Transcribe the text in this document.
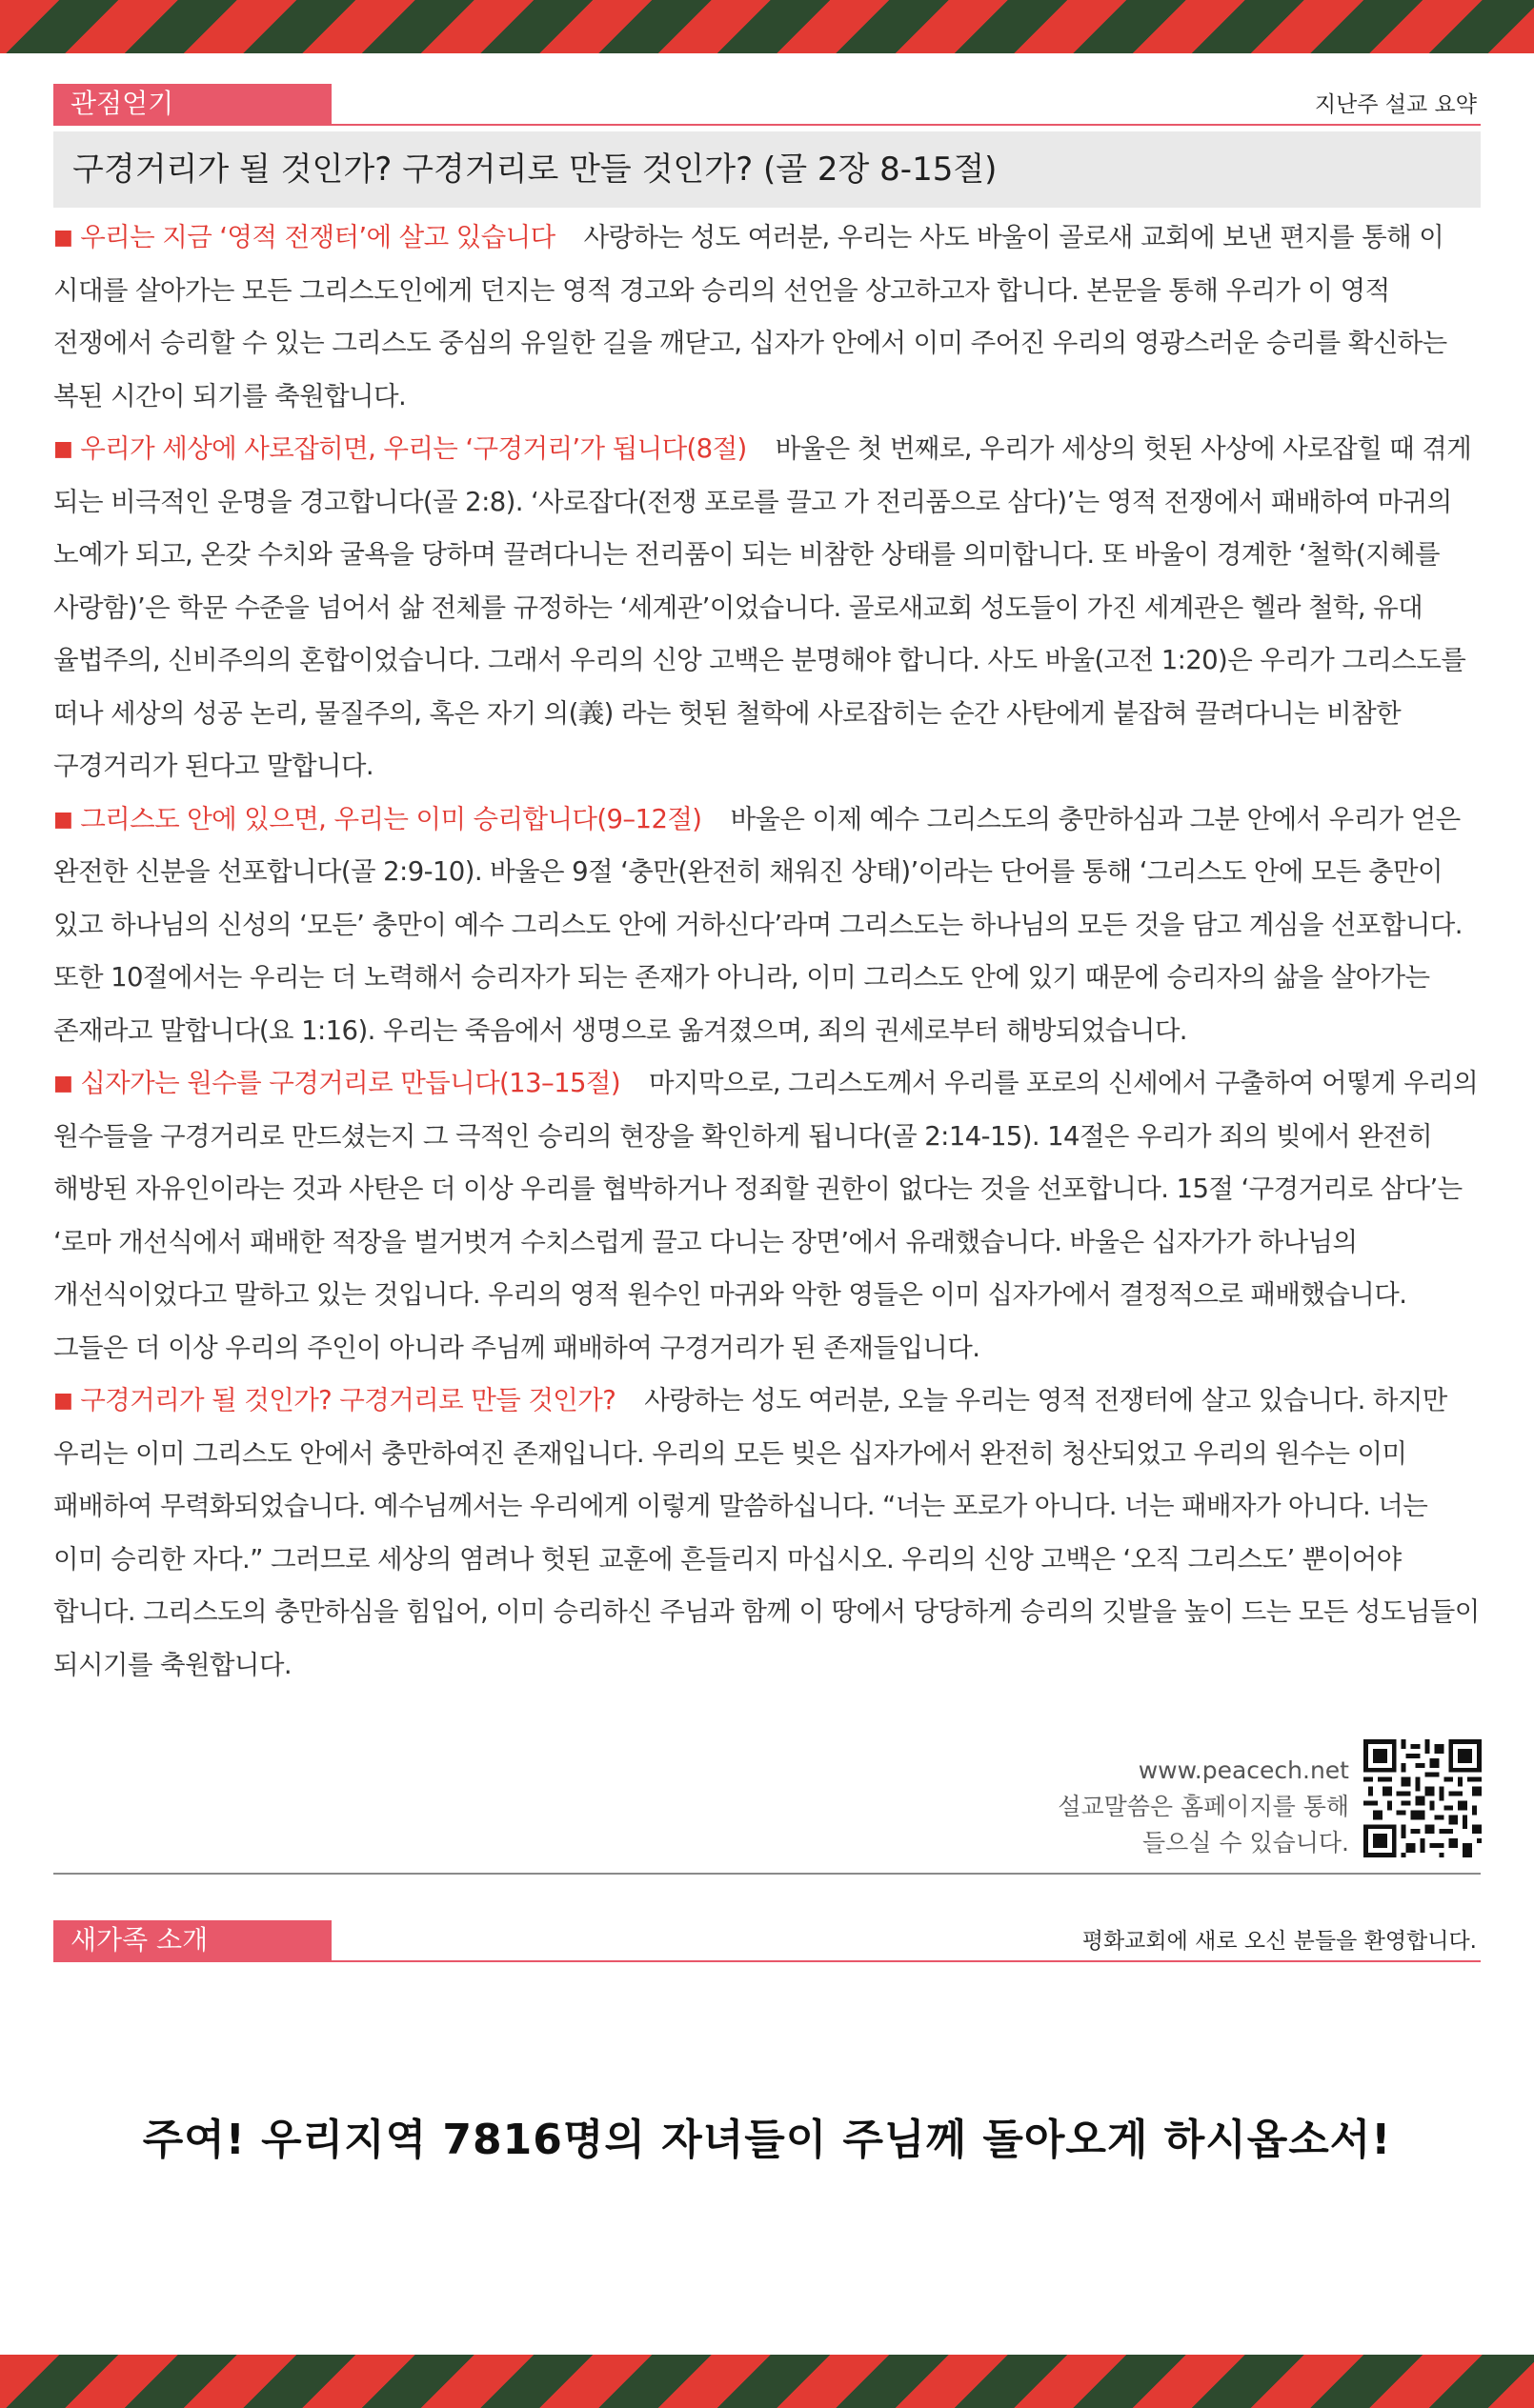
관점얻기	지난주 설교 요약
구경거리가 될 것인가? 구경거리로 만들 것인가? (골 2장 8-15절)

■ 우리는 지금 ‘영적 전쟁터’에 살고 있습니다 사랑하는 성도 여러분, 우리는 사도 바울이 골로새 교회에 보낸 편지를 통해 이 시대를 살아가는 모든 그리스도인에게 던지는 영적 경고와 승리의 선언을 상고하고자 합니다. 본문을 통해 우리가 이 영적 전쟁에서 승리할 수 있는 그리스도 중심의 유일한 길을 깨닫고, 십자가 안에서 이미 주어진 우리의 영광스러운 승리를 확신하는 복된 시간이 되기를 축원합니다.

■ 우리가 세상에 사로잡히면, 우리는 ‘구경거리’가 됩니다(8절) 바울은 첫 번째로, 우리가 세상의 헛된 사상에 사로잡힐 때 겪게 되는 비극적인 운명을 경고합니다(골 2:8). ‘사로잡다(전쟁 포로를 끌고 가 전리품으로 삼다)’는 영적 전쟁에서 패배하여 마귀의 노예가 되고, 온갖 수치와 굴욕을 당하며 끌려다니는 전리품이 되는 비참한 상태를 의미합니다. 또 바울이 경계한 ‘철학(지혜를 사랑함)’은 학문 수준을 넘어서 삶 전체를 규정하는 ‘세계관’이었습니다. 골로새교회 성도들이 가진 세계관은 헬라 철학, 유대 율법주의, 신비주의의 혼합이었습니다. 그래서 우리의 신앙 고백은 분명해야 합니다. 사도 바울(고전 1:20)은 우리가 그리스도를 떠나 세상의 성공 논리, 물질주의, 혹은 자기 의(義) 라는 헛된 철학에 사로잡히는 순간 사탄에게 붙잡혀 끌려다니는 비참한 구경거리가 된다고 말합니다.

■ 그리스도 안에 있으면, 우리는 이미 승리합니다(9–12절) 바울은 이제 예수 그리스도의 충만하심과 그분 안에서 우리가 얻은 완전한 신분을 선포합니다(골 2:9-10). 바울은 9절 ‘충만(완전히 채워진 상태)’이라는 단어를 통해 ‘그리스도 안에 모든 충만이 있고 하나님의 신성의 ‘모든’ 충만이 예수 그리스도 안에 거하신다’라며 그리스도는 하나님의 모든 것을 담고 계심을 선포합니다. 또한 10절에서는 우리는 더 노력해서 승리자가 되는 존재가 아니라, 이미 그리스도 안에 있기 때문에 승리자의 삶을 살아가는 존재라고 말합니다(요 1:16). 우리는 죽음에서 생명으로 옮겨졌으며, 죄의 권세로부터 해방되었습니다.

■ 십자가는 원수를 구경거리로 만듭니다(13–15절) 마지막으로, 그리스도께서 우리를 포로의 신세에서 구출하여 어떻게 우리의 원수들을 구경거리로 만드셨는지 그 극적인 승리의 현장을 확인하게 됩니다(골 2:14-15). 14절은 우리가 죄의 빚에서 완전히 해방된 자유인이라는 것과 사탄은 더 이상 우리를 협박하거나 정죄할 권한이 없다는 것을 선포합니다. 15절 ‘구경거리로 삼다’는 ‘로마 개선식에서 패배한 적장을 벌거벗겨 수치스럽게 끌고 다니는 장면’에서 유래했습니다. 바울은 십자가가 하나님의 개선식이었다고 말하고 있는 것입니다. 우리의 영적 원수인 마귀와 악한 영들은 이미 십자가에서 결정적으로 패배했습니다. 그들은 더 이상 우리의 주인이 아니라 주님께 패배하여 구경거리가 된 존재들입니다.

■ 구경거리가 될 것인가? 구경거리로 만들 것인가? 사랑하는 성도 여러분, 오늘 우리는 영적 전쟁터에 살고 있습니다. 하지만 우리는 이미 그리스도 안에서 충만하여진 존재입니다. 우리의 모든 빚은 십자가에서 완전히 청산되었고 우리의 원수는 이미 패배하여 무력화되었습니다. 예수님께서는 우리에게 이렇게 말씀하십니다. “너는 포로가 아니다. 너는 패배자가 아니다. 너는 이미 승리한 자다.” 그러므로 세상의 염려나 헛된 교훈에 흔들리지 마십시오. 우리의 신앙 고백은 ‘오직 그리스도’ 뿐이어야 합니다. 그리스도의 충만하심을 힘입어, 이미 승리하신 주님과 함께 이 땅에서 당당하게 승리의 깃발을 높이 드는 모든 성도님들이 되시기를 축원합니다.

www.peacech.net
설교말씀은 홈페이지를 통해
들으실 수 있습니다.
새가족 소개	평화교회에 새로 오신 분들을 환영합니다.
주여! 우리지역 7816명의 자녀들이 주님께 돌아오게 하시옵소서!
